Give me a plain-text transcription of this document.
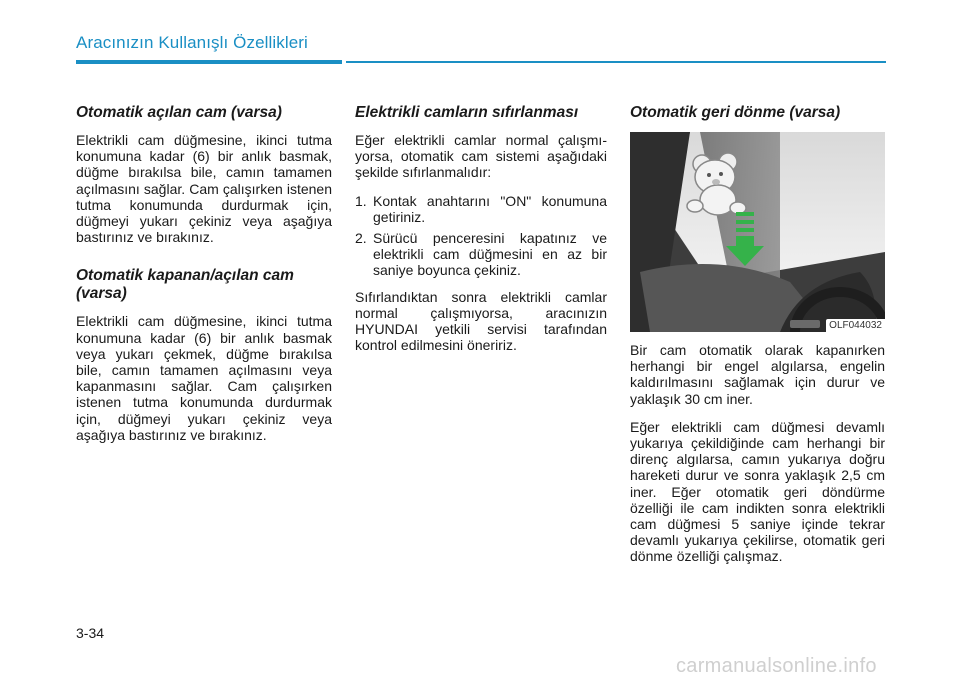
Aracınızın Kullanışlı Özellikleri
Otomatik açılan cam (varsa)

Elektrikli cam düğmesine, ikinci tutma konumuna kadar (6) bir anlık basmak, düğme bırakılsa bile, camın tamamen açılmasını sağlar. Cam çalışırken istenen tutma konumunda durdurmak için, düğmeyi yukarı çekiniz veya aşağıya bastırınız ve bırakınız.

Otomatik kapanan/açılan cam (varsa)

Elektrikli cam düğmesine, ikinci tutma konumuna kadar (6) bir anlık basmak veya yukarı çekmek, düğme bırakılsa bile, camın tamamen açılmasını veya kapanmasını sağlar. Cam çalışırken istenen tutma konumunda durdurmak için, düğmeyi yukarı çekiniz veya aşağıya bastırınız ve bırakınız.

Elektrikli camların sıfırlanması

Eğer elektrikli camlar normal çalışmıyorsa, otomatik cam sistemi aşağıdaki şekilde sıfırlanmalıdır:

1. Kontak anahtarını "ON" konumuna getiriniz.
2. Sürücü penceresini kapatınız ve elektrikli cam düğmesini en az bir saniye boyunca çekiniz.

Sıfırlandıktan sonra elektrikli camlar normal çalışmıyorsa, aracınızın HYUNDAI yetkili servisi tarafından kontrol edilmesini öneririz.

Otomatik geri dönme (varsa)
OLF044032

Bir cam otomatik olarak kapanırken herhangi bir engel algılarsa, engelin kaldırılmasını sağlamak için durur ve yaklaşık 30 cm iner.

Eğer elektrikli cam düğmesi devamlı yukarıya çekildiğinde cam herhangi bir direnç algılarsa, camın yukarıya doğru hareketi durur ve sonra yaklaşık 2,5 cm iner. Eğer otomatik geri döndürme özelliği ile cam indikten sonra elektrikli cam düğmesi 5 saniye içinde tekrar devamlı yukarıya çekilirse, otomatik geri dönme özelliği çalışmaz.

3-34
carmanualsonline.info
